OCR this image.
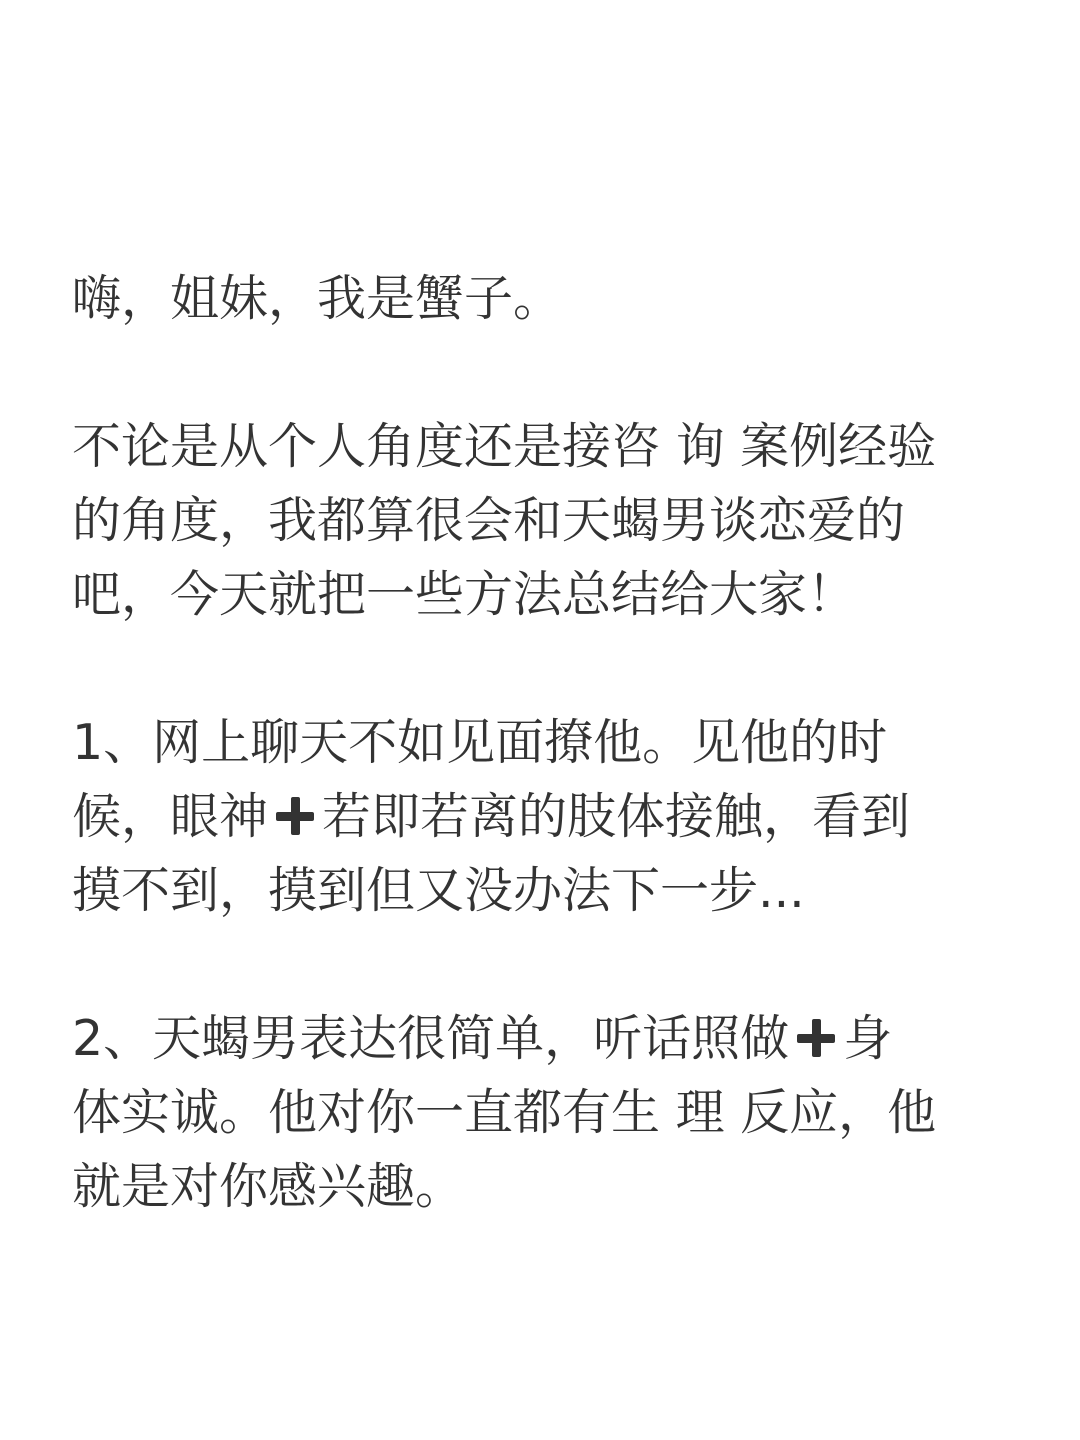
嗨，姐妹，我是蟹子。
不论是从个人角度还是接咨 询 案例经验
的角度，我都算很会和天蝎男谈恋爱的
吧，今天就把一些方法总结给大家！
1、网上聊天不如见面撩他。见他的时
候，眼神 若即若离的肢体接触，看到
摸不到，摸到但又没办法下一步...
2、天蝎男表达很简单，听话照做 身
体实诚。他对你一直都有生 理 反应，他
就是对你感兴趣。
